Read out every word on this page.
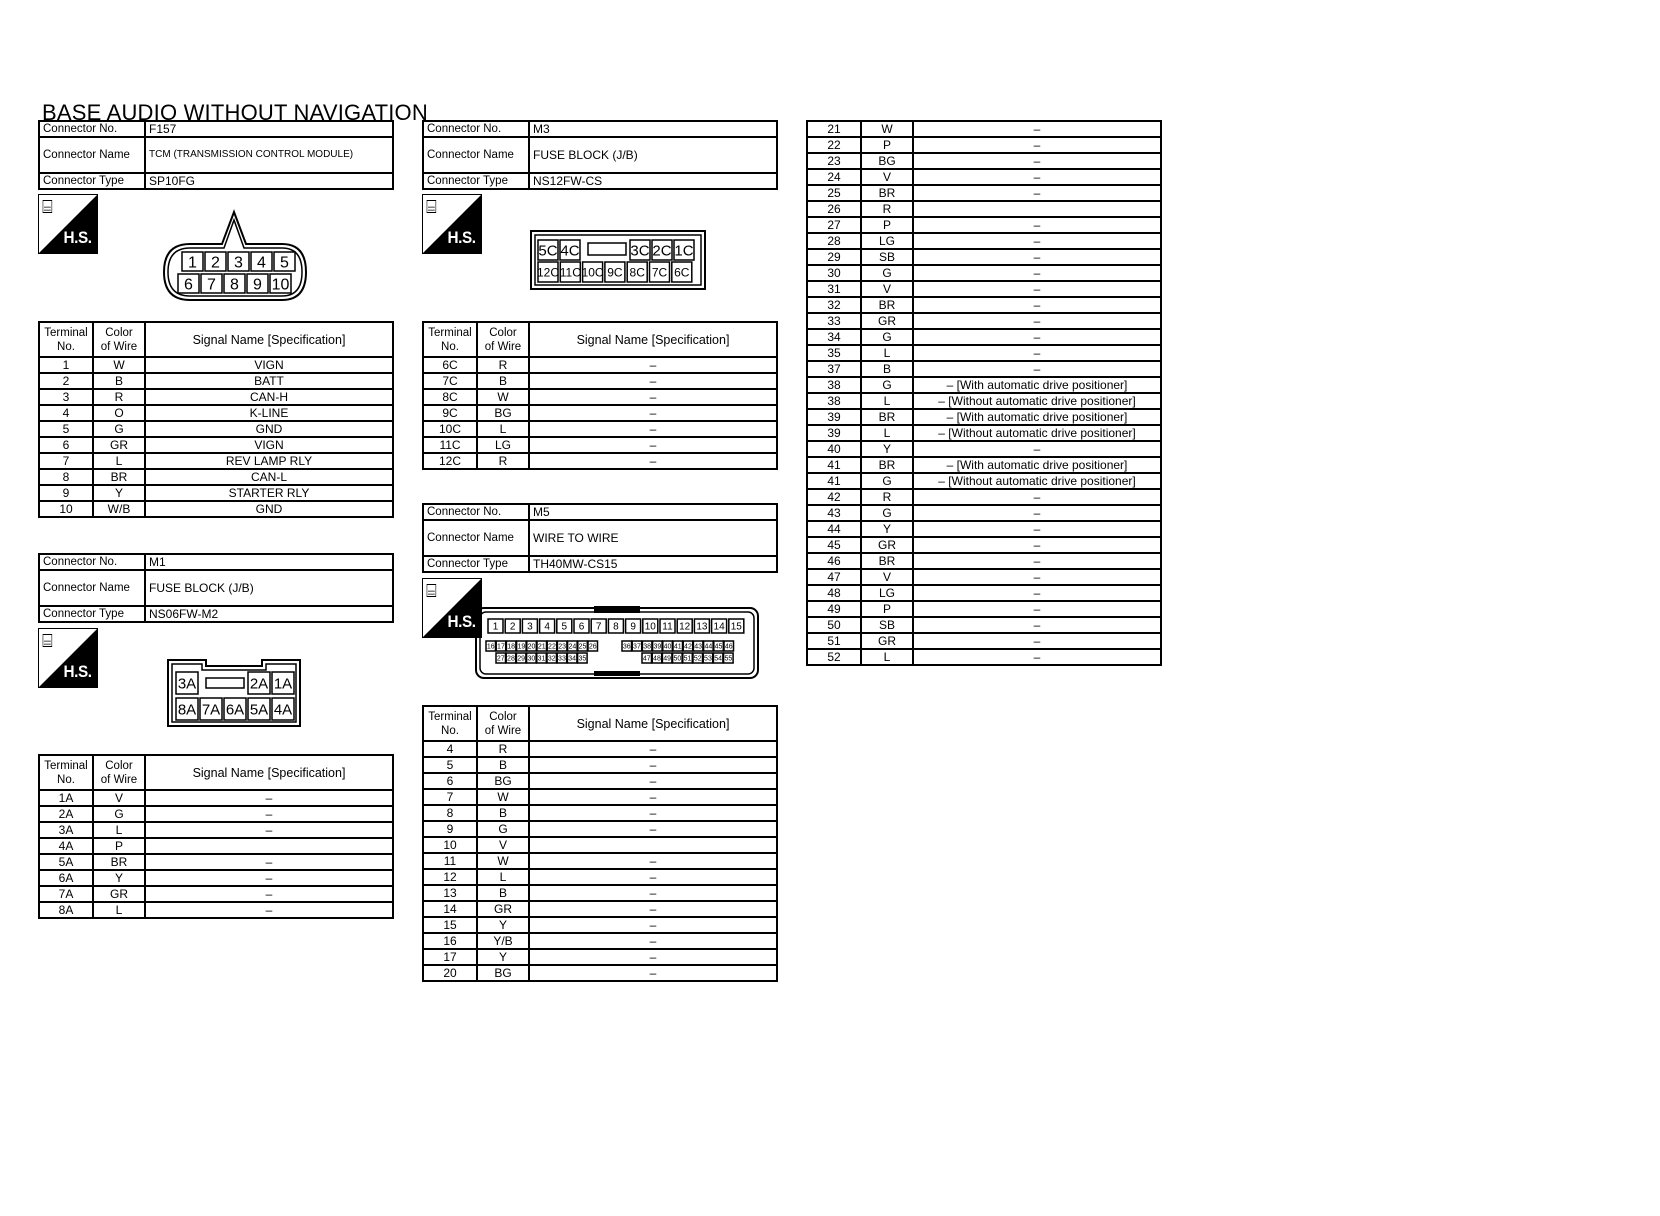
BASE AUDIO WITHOUT NAVIGATION
Connector No.	F157
Connector Name	TCM (TRANSMISSION CONTROL MODULE)
Connector Type	SP10FG
⌸
H.S.
1 2 3 4 5
6 7 8 9 10
Terminal
No.	Color
of Wire	Signal Name [Specification]
1	W	VIGN
2	B	BATT
3	R	CAN-H
4	O	K-LINE
5	G	GND
6	GR	VIGN
7	L	REV LAMP RLY
8	BR	CAN-L
9	Y	STARTER RLY
10	W/B	GND
Connector No.	M1
Connector Name	FUSE BLOCK (J/B)
Connector Type	NS06FW-M2
⌸
H.S.
3A	2A 1A
8A 7A 6A 5A 4A
Terminal
No.	Color
of Wire	Signal Name [Specification]
1A	V	–
2A	G	–
3A	L	–
4A	P	
5A	BR	–
6A	Y	–
7A	GR	–
8A	L	–
Connector No.	M3
Connector Name	FUSE BLOCK (J/B)
Connector Type	NS12FW-CS
⌸
H.S.
5C 4C	3C 2C 1C
12C 11C 10C 9C 8C 7C 6C
Terminal
No.	Color
of Wire	Signal Name [Specification]
6C	R	–
7C	B	–
8C	W	–
9C	BG	–
10C	L	–
11C	LG	–
12C	R	–
Connector No.	M5
Connector Name	WIRE TO WIRE
Connector Type	TH40MW-CS15
⌸
H.S. 1 2 3 4 5 6 7 8 9 10 11 12 13 14 15
16 17 18 19 20 21 22 23 24 25 26	36 37 38 39 40 41 42 43 44 45 46
27 28 29 30 31 32 33 34 35	47 48 49 50 51 52 53 54 55
Terminal
No.	Color
of Wire	Signal Name [Specification]
4	R	–
5	B	–
6	BG	–
7	W	–
8	B	–
9	G	–
10	V	
11	W	–
12	L	–
13	B	–
14	GR	–
15	Y	–
16	Y/B	–
17	Y	–
20	BG	–
21	W	–
22	P	–
23	BG	–
24	V	–
25	BR	–
26	R	
27	P	–
28	LG	–
29	SB	–
30	G	–
31	V	–
32	BR	–
33	GR	–
34	G	–
35	L	–
37	B	–
38	G	– [With automatic drive positioner]
38	L	– [Without automatic drive positioner]
39	BR	– [With automatic drive positioner]
39	L	– [Without automatic drive positioner]
40	Y	–
41	BR	– [With automatic drive positioner]
41	G	– [Without automatic drive positioner]
42	R	–
43	G	–
44	Y	–
45	GR	–
46	BR	–
47	V	–
48	LG	–
49	P	–
50	SB	–
51	GR	–
52	L	–
